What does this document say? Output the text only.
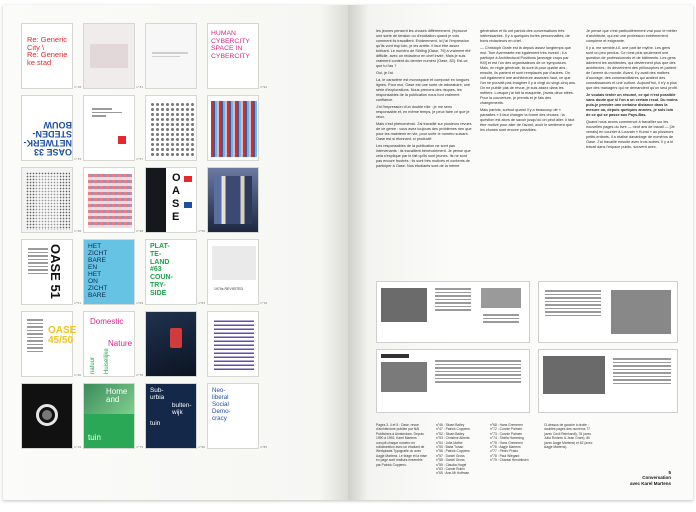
Re: Generic
City \
Re: Generie
ke stad
n°18
OASE 33
NETWERK-
STEDEN-
BOUW
n°33
n°48
OASE 51
n°51
OASE
45/50
n°40
n°19
n°31
n°57
n°98
HET
ZICHT
BARE
EN
HET
ON
ZICHT
BARE
n°69
Domestic
Nature
Huiselijke
natuur
n°76
Home
and
tuin
n°79
O
A
S
E
n°56
PLAT-
TE-
LAND
#63
COUN-
TRY-
SIDE
n°63
Sub-
urbia
tuin
bulten-
wijk
n°90
HUMAN
CYBERCITY
SPACE IN
CYBERCITY
n°92
1970s REVISITED
n°70
Neo-
liberal
Social
Demo-
cracy
n°85

les jeunes pensent les choses différemment, j'éprouve une sorte de tension ou d'excitation quand je vois comment ils travaillent. Evidemment, ici j'ai l'impression qu'ils vont trop loin, je les arrête. Il faut être assez tolérant. Le numéro de Stirling [Oase, 79] a vraiment été difficile, avec un rédacteur en chef invité. Mais je suis vraiment content du dernier numéro [Oase, 83]. Est-ce que tu l'as ?

Oui, je l'ai.

Là, le caractère est monospace et composé en longues lignes. Pour moi, Oase est une sorte de laboratoire, une série d'explorations. Nous prenons des risques, les responsables de la publication nous font vraiment confiance.

J'ai l'impression d'un double rôle : je me sens responsable et, en même temps, je peux faire ce que je veux.

Mais c'est phénoménal. J'ai travaillé sur plusieurs revues de ce genre : vous avez toujours des problèmes rien que pour les maintenir en vie, pour sortir le numéro suivant. Oase est si étonnant, si productif.

Les responsables de la publication ne sont pas intervenants : ils travaillent bénévolement. Je pense que cela s'explique par le fait qu'ils sont jeunes. Ils ne sont pas encore frustrés ; ils sont très motivés et contents de participer à Oase. Nos étudiants sont de la même

génération et ils ont parlois des conversations très intéressantes. Il y a quelques fortes personnalités, de bons rédacteurs en chef.

— Christoph Grafe est là depuis assez longtemps que moi. Tom Avermaete est également très investi ; il a participé à Architectural Positions [average crops par KM] et est l'un des organisateurs de ce symposium. Mais, en règle générale, ils sont là pour quatre ans ; ensuite, ils partent et sont remplacés par d'autres. On voit également une architecture assurant haut, ce que l'on ne pouvait pas imaginer il y a vingt ou vingt-cinq ans. On ne publie pas de revue, je suis assez dans les métiers. Lorsque j'ai fait la maquette, j'avais deux idées. Pour la couverture, je prends et je fais des changements.

Mais parfois, surtout quand il y a beaucoup de « parasites » il faut changer la forme des choses ; la question est alors de savoir jusqu'où on peut aller. Il faut être motivé pour aller de l'avant, avoir le sentiment que les choses sont encore possibles.

Je pense que c'est particulièrement vrai pour le métier d'architecte, qui est une profession extrêmement complexe et exigeante.

Il y a, me semble-t-il, une part de mythe. Les gens sont un peu perdus. Ce n'est plus seulement une question de professionnels et de bâtiments. Les gens admirent les architectes, qui deviennent plus que des architectes ; ils deviennent des philosophes et parlent de l'avenir du monde. Avant, il y avait des maîtres d'ouvrage, des commanditaires qui avaient des connaissances et une culture. Aujourd'hui, il n'y a plus que des managers qui ne demandent qu'un seul profit.

Je voulais tenter un résumé, ce qui n'est possible sans doute que si l'on a un certain recul. Du moins puis-je prendre une certaine distance dans la mesure où, depuis quelques années, je suis loin de ce qui se passe aux Pays-Bas.

Quand nous avons commencé à travailler sur les nouvelles pages du livre — neuf ans de travail — [Je venais] en courrier à Louvain « Kunst » au plusieurs petits-enfants, il a réalisé davantage de numéros de Oase. J'ai travaillé ensuite avec trois autres. Il y a le travail dans l'espace public, souvent avec.

Pages 3, 4 et 5 : Oase, revue d'architecture publiée par NAi Publishers à Amsterdam. Depuis 1990 à 1992, Karel Martens conçoit chaque numéro en collaboration avec un étudiant de Werkplaats Typografie ou avec Aagje Martens. Le tirage et la mise en page sont réalisés ensemble par Patrick Coppens.
n°46 : Stuart Bailey
n°47 : Patrick Coppens
n°52 : Stuart Bailey
n°53 : Christine Alberts
n°54 : Julia Mathe
n°55 : Baba Tuhan
n°56 : Patrick Coppens
n°57 : Daniel Gross
n°58 : Daniel Gross
n°59 : Claudia Hagel
n°63 : Carole Rubin
n°65 : Ann-Mi Hoffman
n°68 : Hans Gremmen
n°72 : Connie Palmen
n°73 : Connie Palmen
n°74 : Sheila Hamming
n°75 : Hans Gremmen
n°76 : Aagje Martens
n°77 : Pedro Prado
n°78 : Paul Wiegard
n°79 : Chantal Hendriksen
Ci-dessus de gauche à droite : doubles pages des numéros 77 (avec Cecil Reinhardt), 76 (avec Julia Roderic & Jean Grant), 80 (avec Aagje Martens) et 82 (avec Aagje Martens).
5
Conversation
avec Karel Martens
